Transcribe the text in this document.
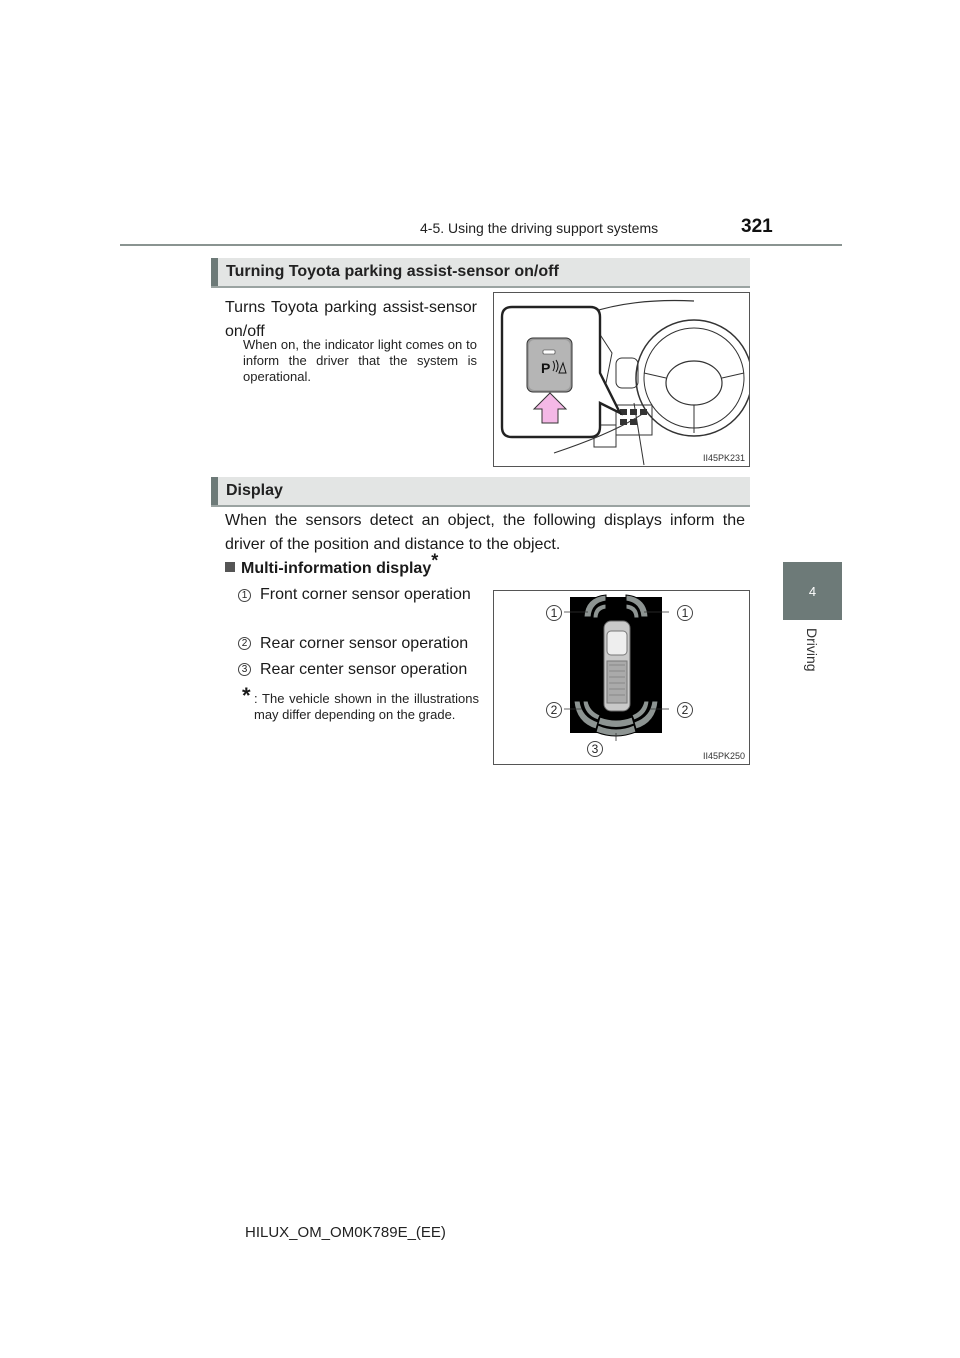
4-5. Using the driving support systems	321
4
Driving
Turning Toyota parking assist-sensor on/off
Turns Toyota parking assist-sensor on/off
When on, the indicator light comes on to inform the driver that the system is operational.
P
II45PK231
Display
When the sensors detect an object, the following displays inform the driver of the position and distance to the object.
Multi-information display*
1 Front corner sensor operation
2 Rear corner sensor operation
3 Rear center sensor operation
* : The vehicle shown in the illustrations may differ depending on the grade.
1	1
2	2
3	II45PK250
HILUX_OM_OM0K789E_(EE)
